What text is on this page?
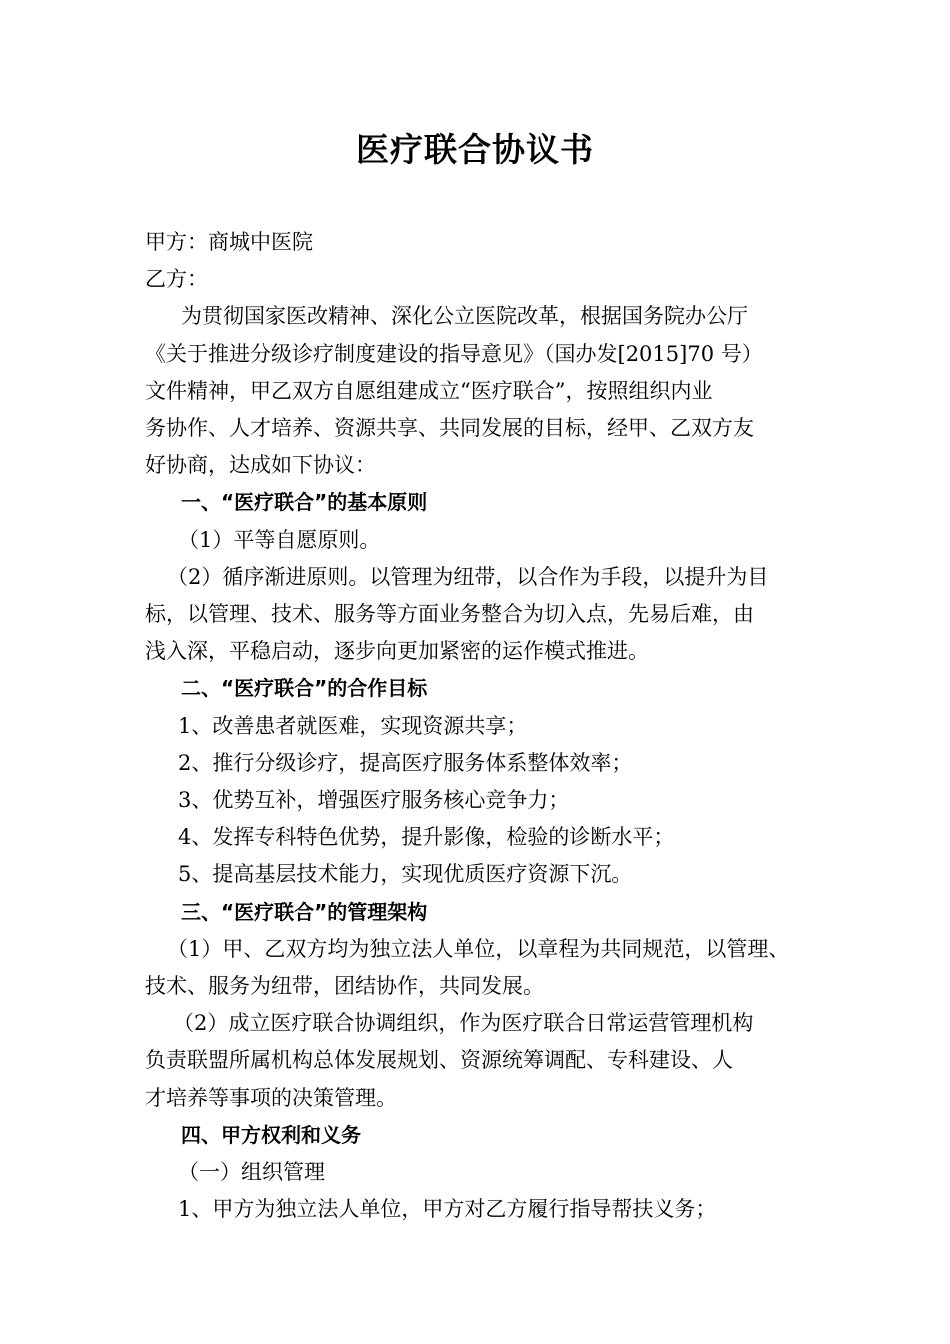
医疗联合协议书

甲方：商城中医院

乙方：

为贯彻国家医改精神、深化公立医院改革，根据国务院办公厅

《关于推进分级诊疗制度建设的指导意见》（国办发[2015]70 号）

文件精神，甲乙双方自愿组建成立“医疗联合”，按照组织内业

务协作、人才培养、资源共享、共同发展的目标，经甲、乙双方友

好协商，达成如下协议：

一、“医疗联合”的基本原则

（1）平等自愿原则。

（2）循序渐进原则。以管理为纽带，以合作为手段，以提升为目

标，以管理、技术、服务等方面业务整合为切入点，先易后难，由

浅入深，平稳启动，逐步向更加紧密的运作模式推进。

二、“医疗联合”的合作目标

1、改善患者就医难，实现资源共享；

2、推行分级诊疗，提高医疗服务体系整体效率；

3、优势互补，增强医疗服务核心竞争力；

4、发挥专科特色优势，提升影像，检验的诊断水平；

5、提高基层技术能力，实现优质医疗资源下沉。

三、“医疗联合”的管理架构

（1）甲、乙双方均为独立法人单位，以章程为共同规范，以管理、

技术、服务为纽带，团结协作，共同发展。

（2）成立医疗联合协调组织，作为医疗联合日常运营管理机构

负责联盟所属机构总体发展规划、资源统筹调配、专科建设、人

才培养等事项的决策管理。

四、甲方权利和义务

（一）组织管理

1、甲方为独立法人单位，甲方对乙方履行指导帮扶义务；
